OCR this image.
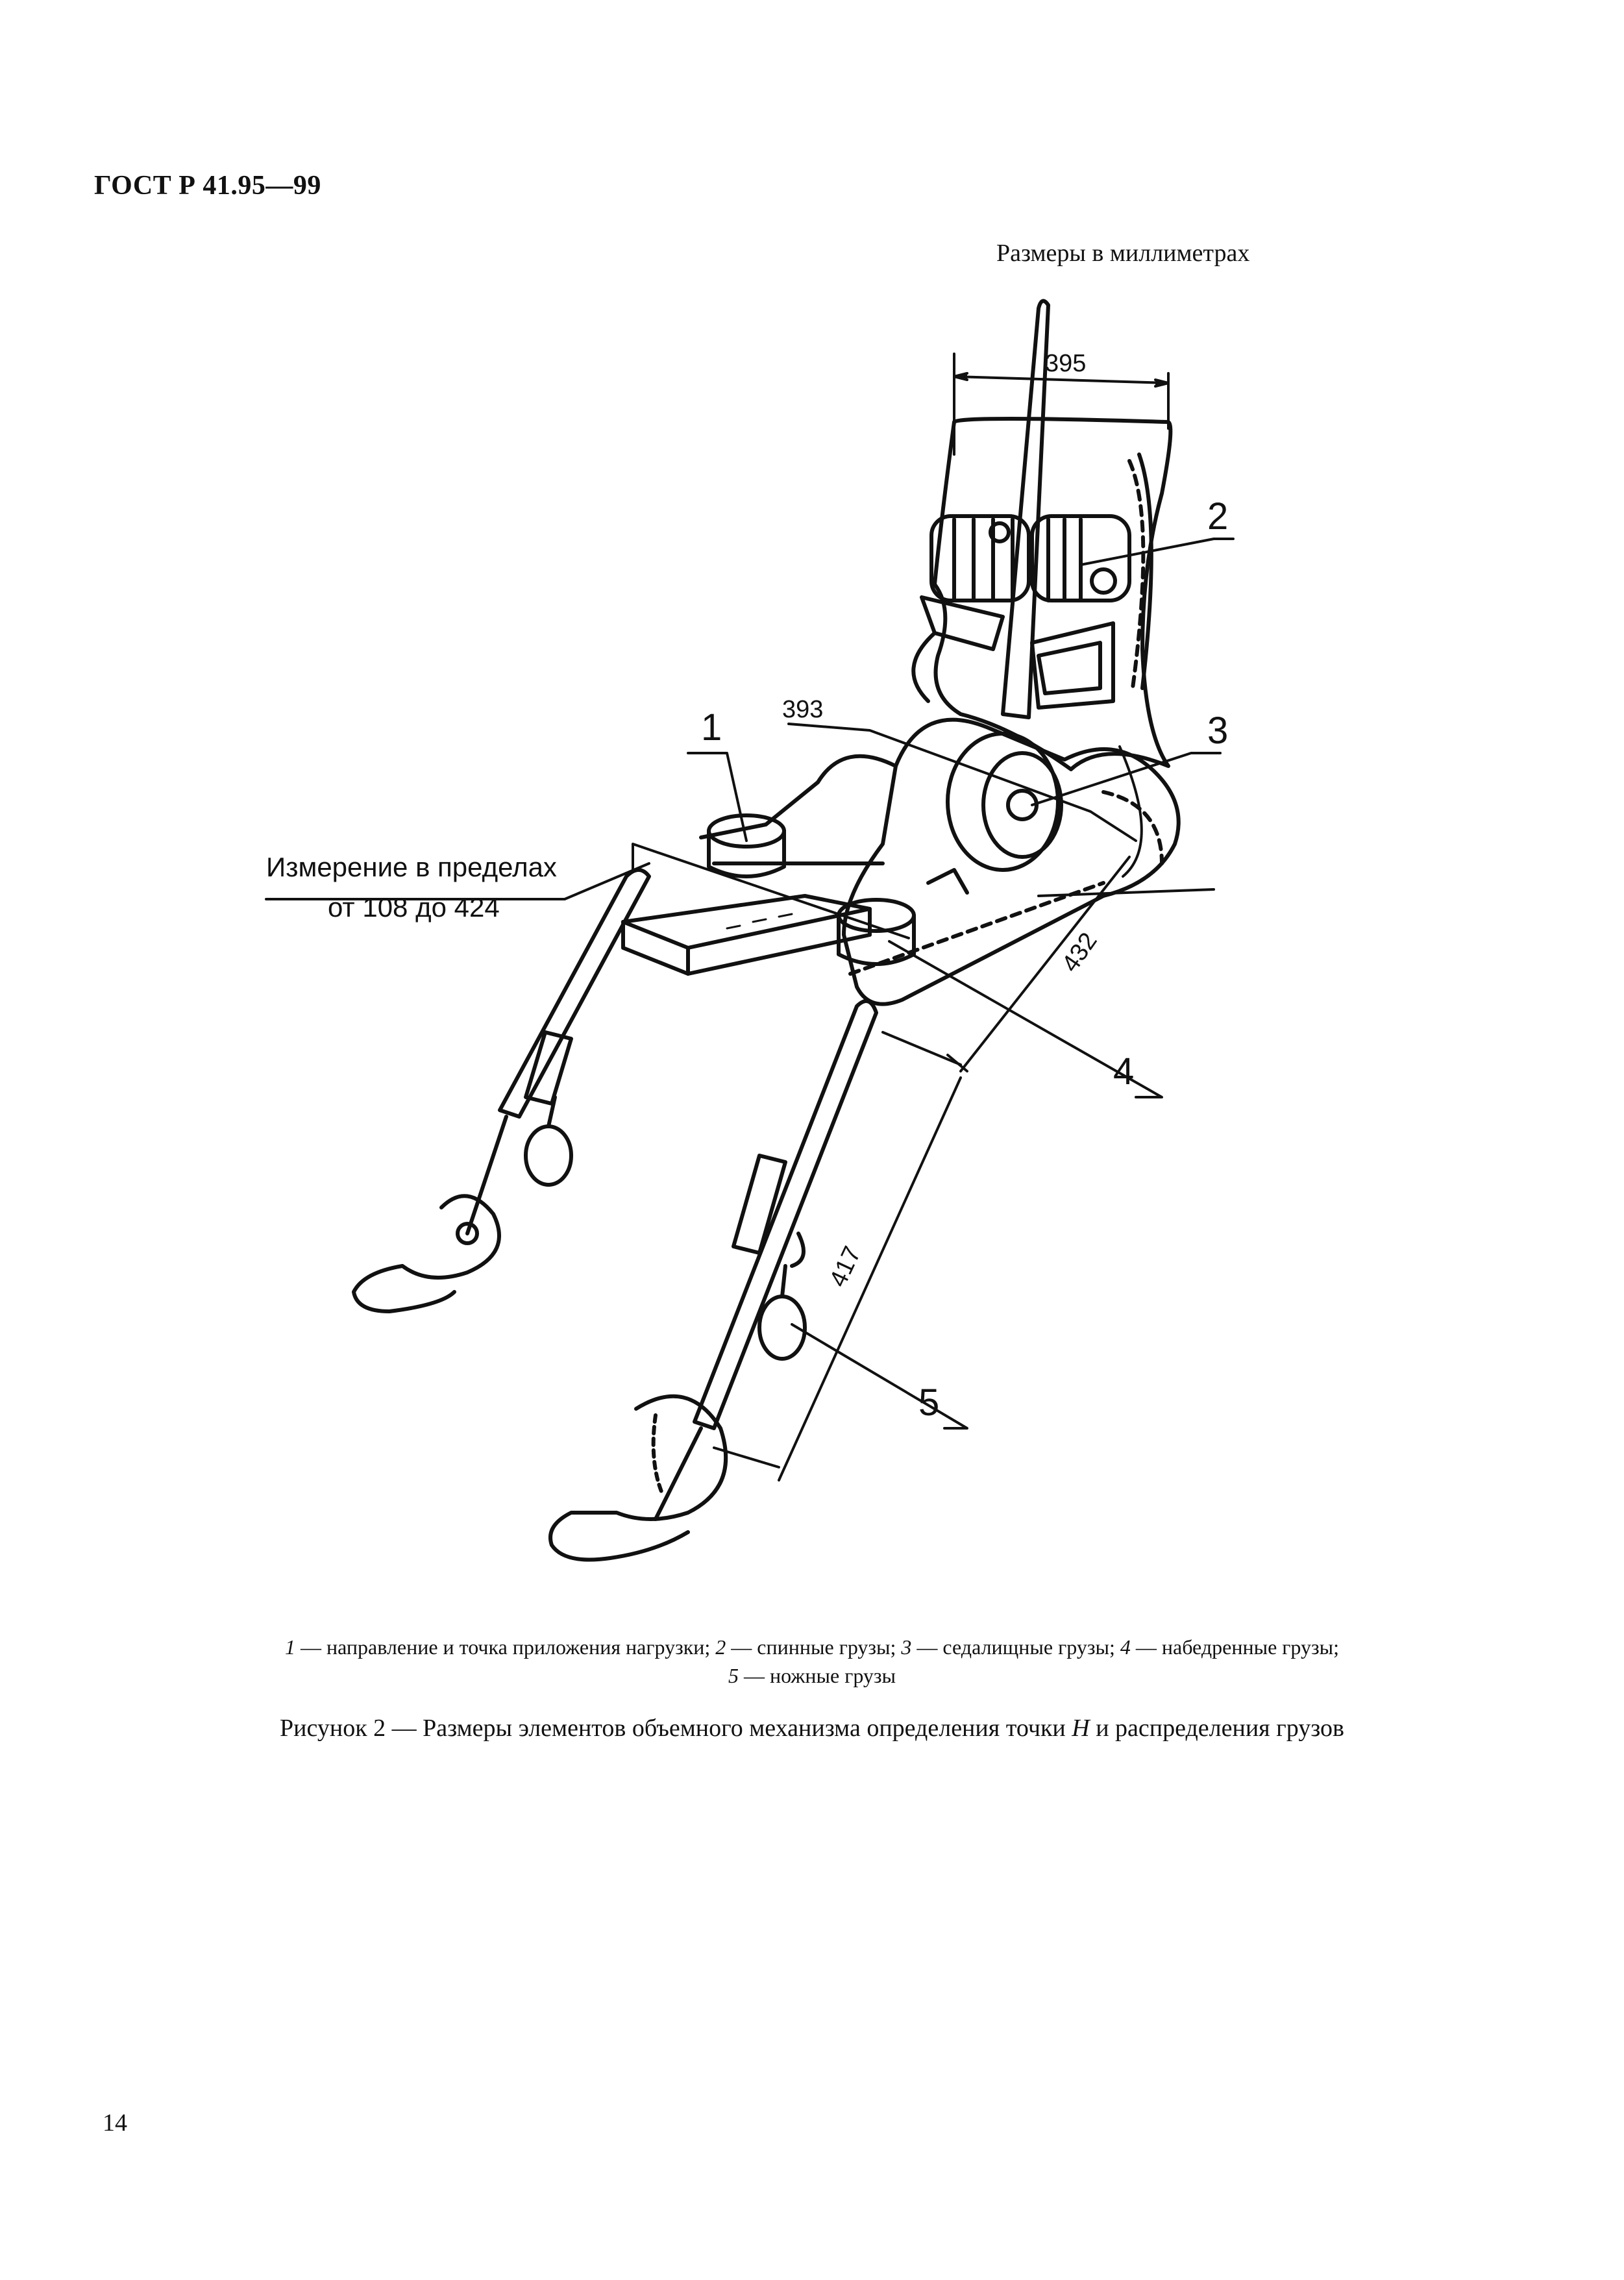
ГОСТ Р 41.95—99
Размеры в миллиметрах
395
393
432
417
Измерение в пределах
от 108 до 424
1
2
3
4
5
1 — направление и точка приложения нагрузки; 2 — спинные грузы; 3 — седалищные грузы; 4 — набедренные грузы;
5 — ножные грузы
Рисунок 2 — Размеры элементов объемного механизма определения точки H и распределения грузов
14
